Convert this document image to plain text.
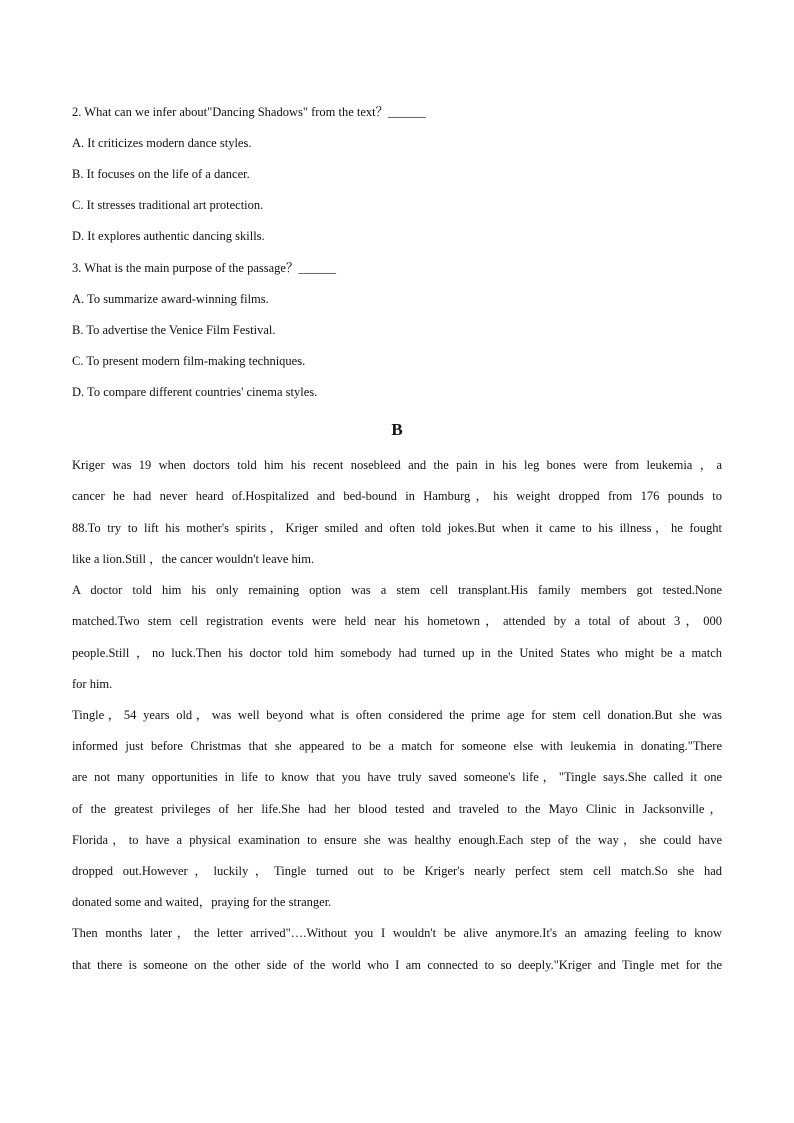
2. What can we infer about"Dancing Shadows" from the text？______
A. It criticizes modern dance styles.
B. It focuses on the life of a dancer.
C. It stresses traditional art protection.
D. It explores authentic dancing skills.
3. What is the main purpose of the passage？______
A. To summarize award-winning films.
B. To advertise the Venice Film Festival.
C. To present modern film-making techniques.
D. To compare different countries' cinema styles.
B
Kriger was 19 when doctors told him his recent nosebleed and the pain in his leg bones were from leukemia ，a
cancer he had never heard of.Hospitalized and bed-bound in Hamburg，his weight dropped from 176 pounds to
88.To try to lift his mother's spirits，Kriger smiled and often told jokes.But when it came to his illness，he fought
like a lion.Still ，the cancer wouldn't leave him.
A doctor told him his only remaining option was a stem cell transplant.His family members got tested.None
matched.Two stem cell registration events were held near his hometown，attended by a total of about 3，000
people.Still ，no luck.Then his doctor told him somebody had turned up in the United States who might be a match
for him.
Tingle，54 years old，was well beyond what is often considered the prime age for stem cell donation.But she was
informed just before Christmas that she appeared to be a match for someone else with leukemia in donating."There
are not many opportunities in life to know that you have truly saved someone's life，"Tingle says.She called it one
of the greatest privileges of her life.She had her blood tested and traveled to the Mayo Clinic in Jacksonville，
Florida，to have a physical examination to ensure she was healthy enough.Each step of the way，she could have
dropped out.However，luckily，Tingle turned out to be Kriger's nearly perfect stem cell match.So she had
donated some and waited，praying for the stranger.
Then months later，the letter arrived"….Without you I wouldn't be alive anymore.It's an amazing feeling to know
that there is someone on the other side of the world who I am connected to so deeply."Kriger and Tingle met for the
